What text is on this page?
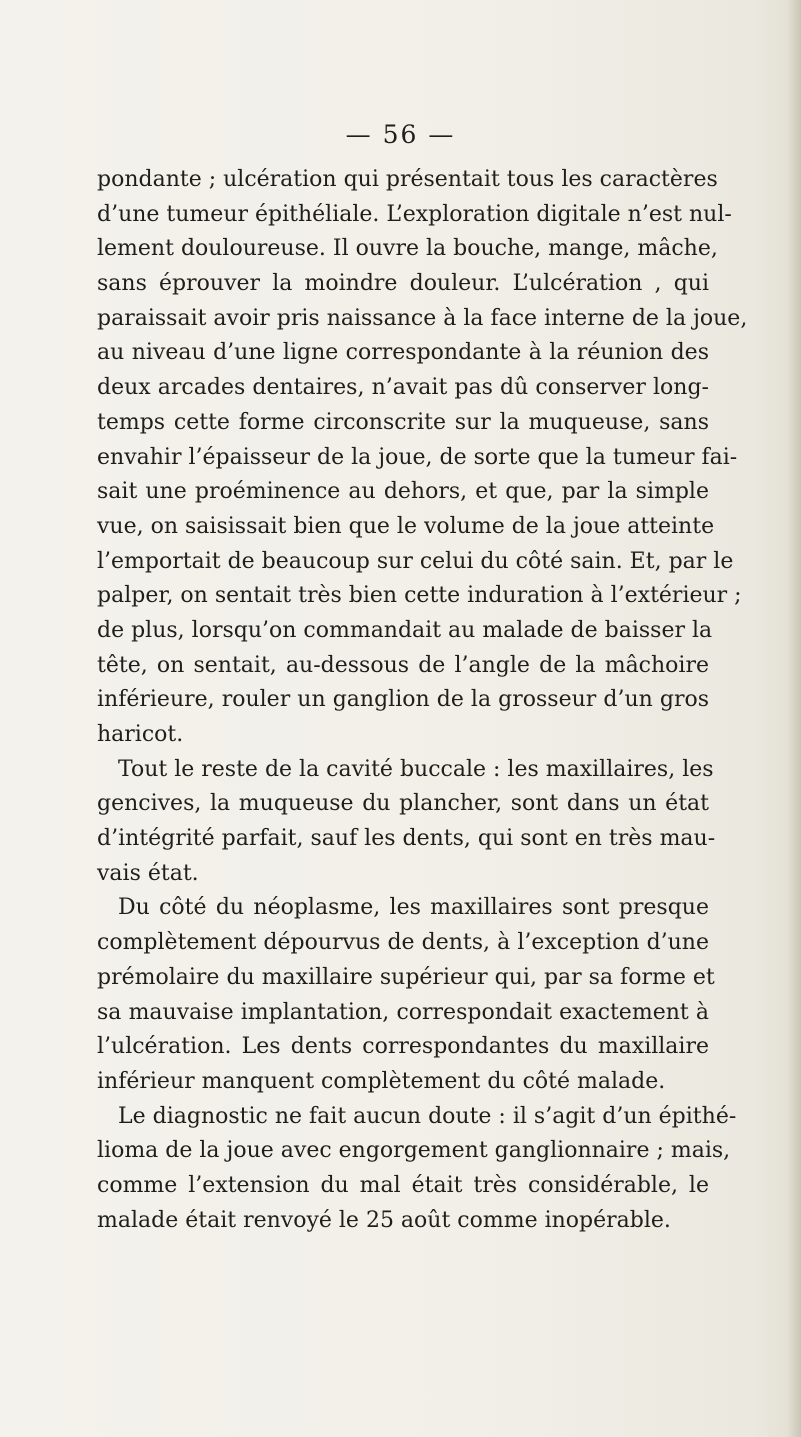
— 56 —
pondante ; ulcération qui présentait tous les caractères
d’une tumeur épithéliale. L’exploration digitale n’est nul-
lement douloureuse. Il ouvre la bouche, mange, mâche,
sans éprouver la moindre douleur. L’ulcération , qui
paraissait avoir pris naissance à la face interne de la joue,
au niveau d’une ligne correspondante à la réunion des
deux arcades dentaires, n’avait pas dû conserver long-
temps cette forme circonscrite sur la muqueuse, sans
envahir l’épaisseur de la joue, de sorte que la tumeur fai-
sait une proéminence au dehors, et que, par la simple
vue, on saisissait bien que le volume de la joue atteinte
l’emportait de beaucoup sur celui du côté sain. Et, par le
palper, on sentait très bien cette induration à l’extérieur ;
de plus, lorsqu’on commandait au malade de baisser la
tête, on sentait, au-dessous de l’angle de la mâchoire
inférieure, rouler un ganglion de la grosseur d’un gros
haricot.
Tout le reste de la cavité buccale : les maxillaires, les
gencives, la muqueuse du plancher, sont dans un état
d’intégrité parfait, sauf les dents, qui sont en très mau-
vais état.
Du côté du néoplasme, les maxillaires sont presque
complètement dépourvus de dents, à l’exception d’une
prémolaire du maxillaire supérieur qui, par sa forme et
sa mauvaise implantation, correspondait exactement à
l’ulcération. Les dents correspondantes du maxillaire
inférieur manquent complètement du côté malade.
Le diagnostic ne fait aucun doute : il s’agit d’un épithé-
lioma de la joue avec engorgement ganglionnaire ; mais,
comme l’extension du mal était très considérable, le
malade était renvoyé le 25 août comme inopérable.
